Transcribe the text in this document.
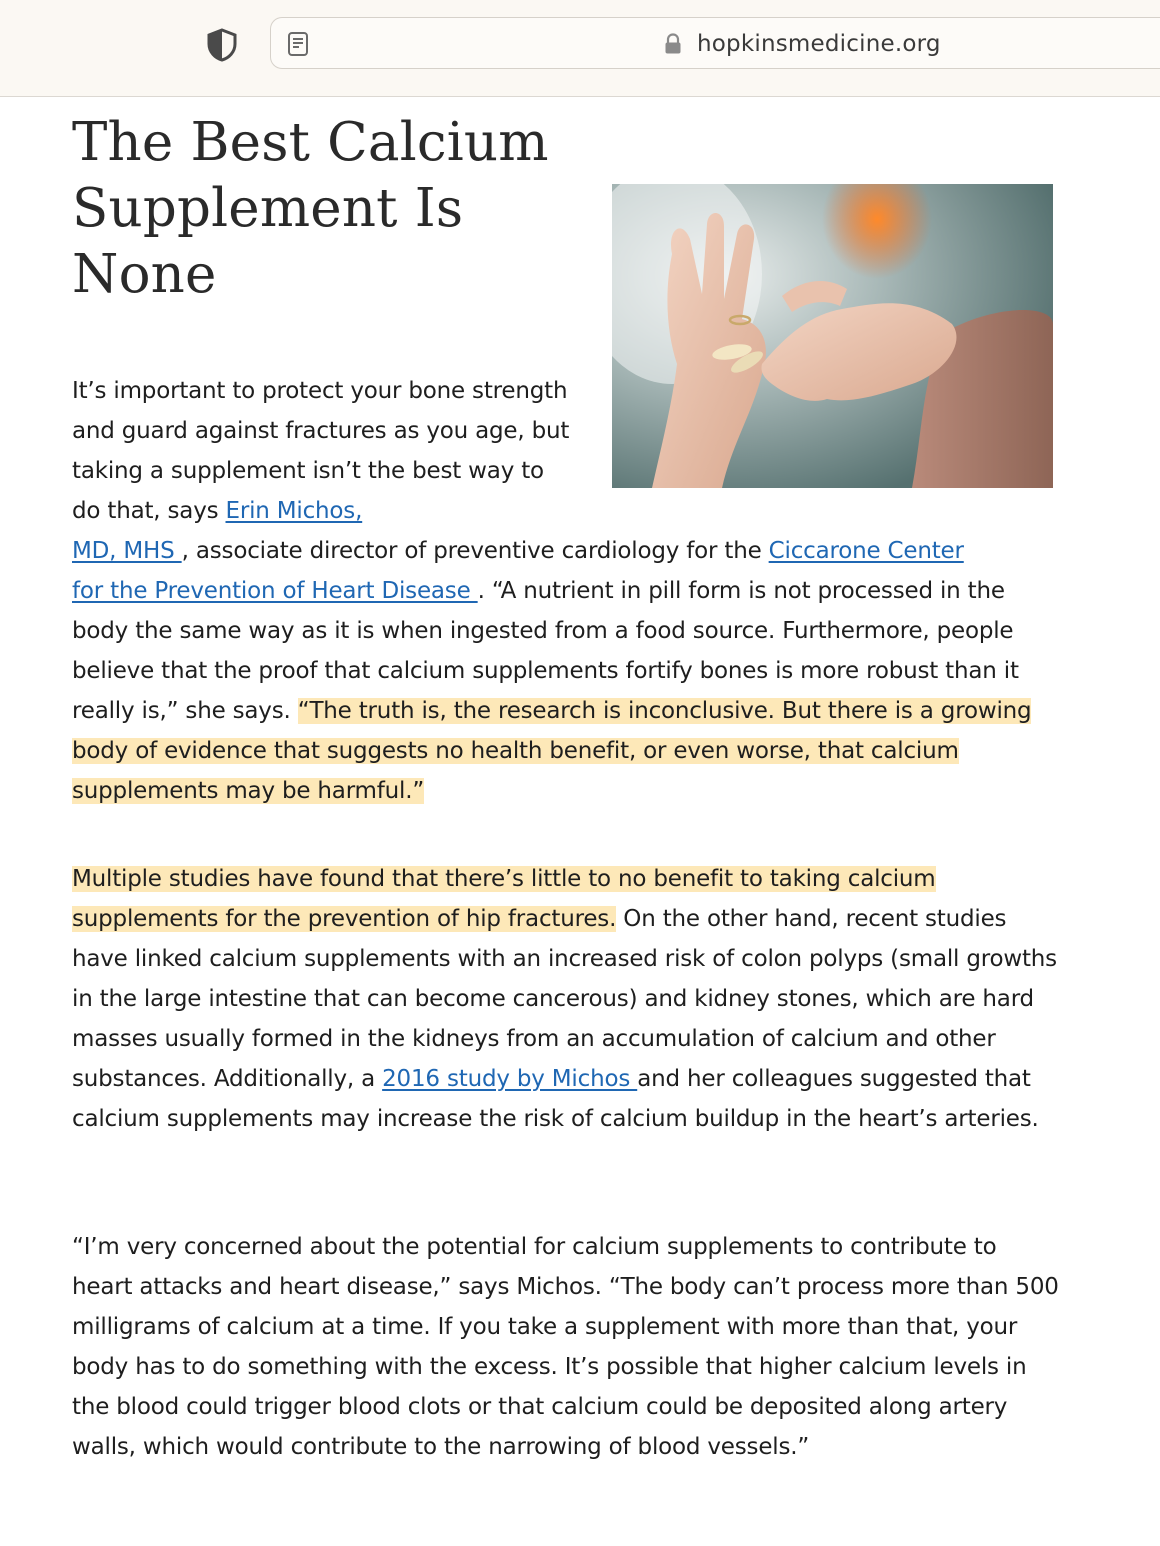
hopkinsmedicine.org
The Best Calcium Supplement Is None

It’s important to protect your bone strength and guard against fractures as you age, but taking a supplement isn’t the best way to do that, says Erin Michos,

MD, MHS , associate director of preventive cardiology for the Ciccarone Center
for the Prevention of Heart Disease . “A nutrient in pill form is not processed in the body the same way as it is when ingested from a food source. Furthermore, people believe that the proof that calcium supplements fortify bones is more robust than it really is,” she says. “The truth is, the research is inconclusive. But there is a growing body of evidence that suggests no health benefit, or even worse, that calcium supplements may be harmful.”

Multiple studies have found that there’s little to no benefit to taking calcium supplements for the prevention of hip fractures. On the other hand, recent studies have linked calcium supplements with an increased risk of colon polyps (small growths in the large intestine that can become cancerous) and kidney stones, which are hard masses usually formed in the kidneys from an accumulation of calcium and other substances. Additionally, a 2016 study by Michos and her colleagues suggested that calcium supplements may increase the risk of calcium buildup in the heart’s arteries.

“I’m very concerned about the potential for calcium supplements to contribute to heart attacks and heart disease,” says Michos. “The body can’t process more than 500 milligrams of calcium at a time. If you take a supplement with more than that, your body has to do something with the excess. It’s possible that higher calcium levels in the blood could trigger blood clots or that calcium could be deposited along artery walls, which would contribute to the narrowing of blood vessels.”
